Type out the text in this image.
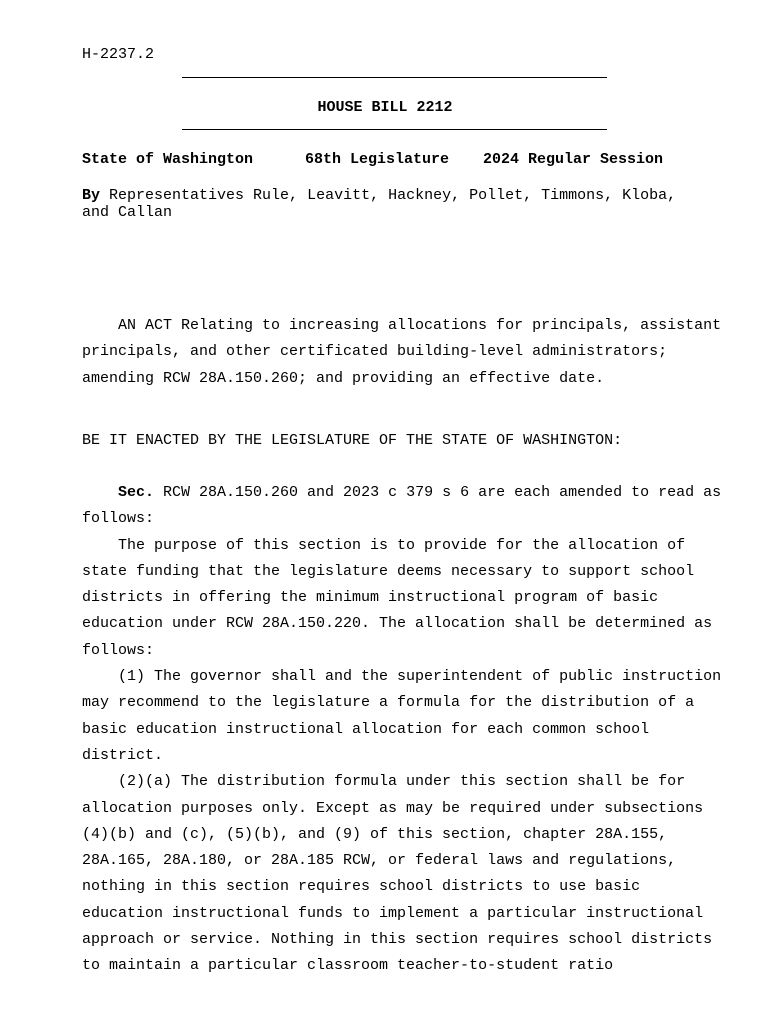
H-2237.2
HOUSE BILL 2212
State of Washington	68th Legislature 2024 Regular Session
By Representatives Rule, Leavitt, Hackney, Pollet, Timmons, Kloba,
and Callan

AN ACT Relating to increasing allocations for principals, assistant principals, and other certificated building-level administrators; amending RCW 28A.150.260; and providing an effective date.

BE IT ENACTED BY THE LEGISLATURE OF THE STATE OF WASHINGTON:

Sec. RCW 28A.150.260 and 2023 c 379 s 6 are each amended to read as follows:

The purpose of this section is to provide for the allocation of state funding that the legislature deems necessary to support school districts in offering the minimum instructional program of basic education under RCW 28A.150.220. The allocation shall be determined as follows:

(1) The governor shall and the superintendent of public instruction may recommend to the legislature a formula for the distribution of a basic education instructional allocation for each common school district.

(2)(a) The distribution formula under this section shall be for allocation purposes only. Except as may be required under subsections (4)(b) and (c), (5)(b), and (9) of this section, chapter 28A.155, 28A.165, 28A.180, or 28A.185 RCW, or federal laws and regulations, nothing in this section requires school districts to use basic education instructional funds to implement a particular instructional approach or service. Nothing in this section requires school districts to maintain a particular classroom teacher-to-student ratio
